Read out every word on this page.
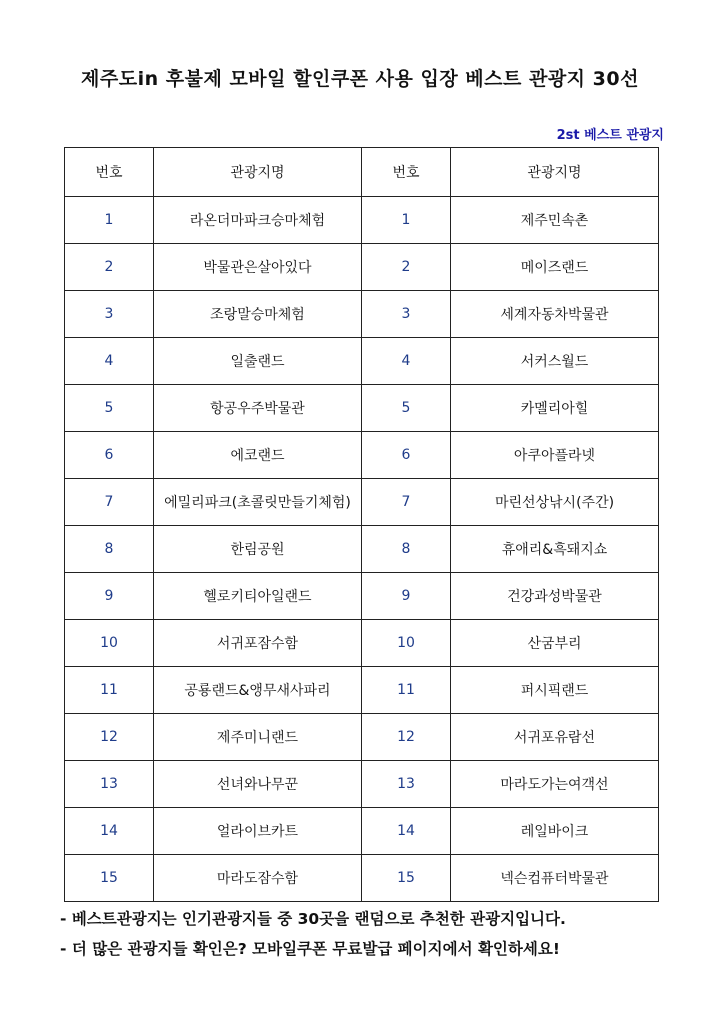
제주도in 후불제 모바일 할인쿠폰 사용 입장 베스트 관광지 30선
2st 베스트 관광지
번호	관광지명	번호	관광지명
1	라온더마파크승마체험	1	제주민속촌
2	박물관은살아있다	2	메이즈랜드
3	조랑말승마체험	3	세계자동차박물관
4	일출랜드	4	서커스월드
5	항공우주박물관	5	카멜리아힐
6	에코랜드	6	아쿠아플라넷
7	에밀리파크(초콜릿만들기체험)	7	마린선상낚시(주간)
8	한림공원	8	휴애리&흑돼지쇼
9	헬로키티아일랜드	9	건강과성박물관
10	서귀포잠수함	10	산굼부리
11	공룡랜드&앵무새사파리	11	퍼시픽랜드
12	제주미니랜드	12	서귀포유람선
13	선녀와나무꾼	13	마라도가는여객선
14	얼라이브카트	14	레일바이크
15	마라도잠수함	15	넥슨컴퓨터박물관
- 베스트관광지는 인기관광지들 중 30곳을 랜덤으로 추천한 관광지입니다.
- 더 많은 관광지들 확인은? 모바일쿠폰 무료발급 페이지에서 확인하세요!
